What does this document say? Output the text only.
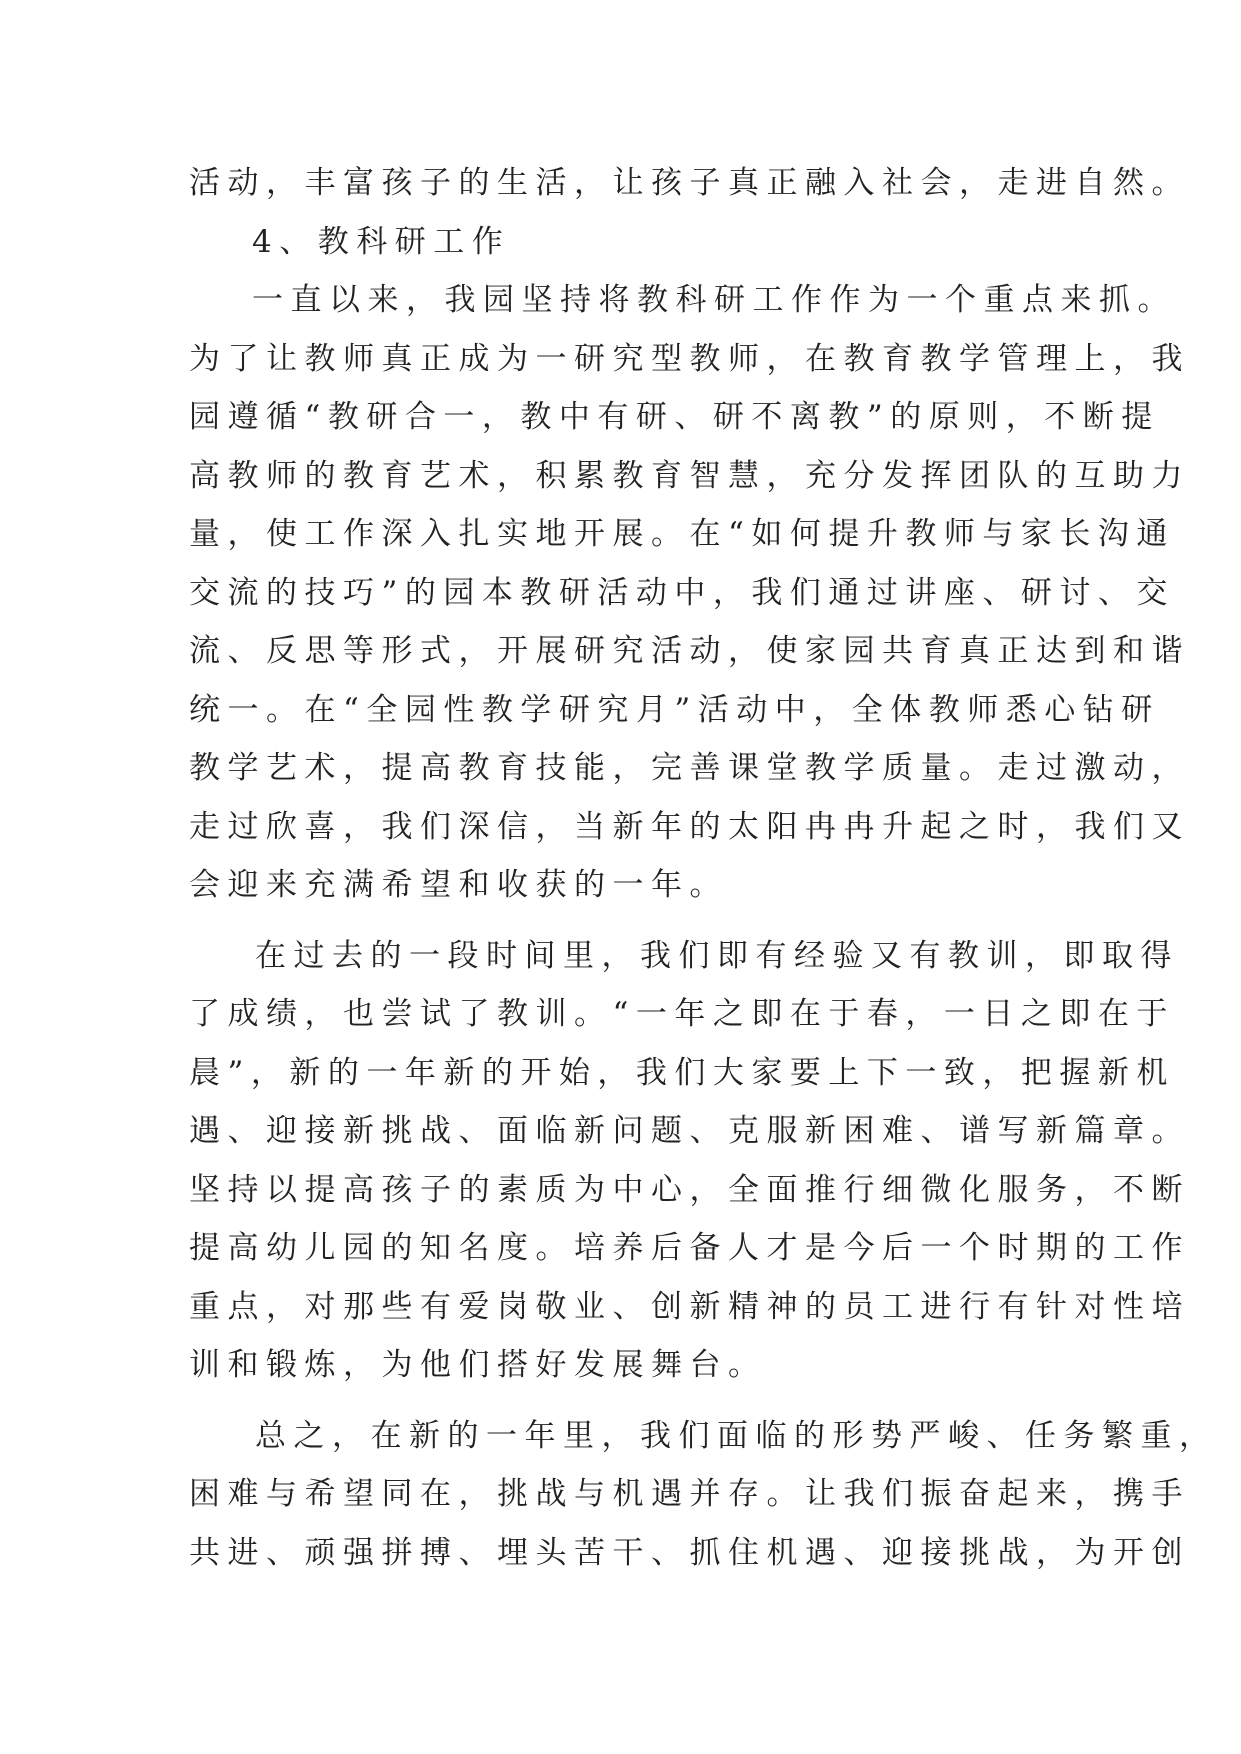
活动，丰富孩子的生活，让孩子真正融入社会，走进自然。
4、教科研工作
一直以来，我园坚持将教科研工作作为一个重点来抓。
为了让教师真正成为一研究型教师，在教育教学管理上，我
园遵循“教研合一，教中有研、研不离教”的原则，不断提
高教师的教育艺术，积累教育智慧，充分发挥团队的互助力
量，使工作深入扎实地开展。在“如何提升教师与家长沟通
交流的技巧”的园本教研活动中，我们通过讲座、研讨、交
流、反思等形式，开展研究活动，使家园共育真正达到和谐
统一。在“全园性教学研究月”活动中，全体教师悉心钻研
教学艺术，提高教育技能，完善课堂教学质量。走过激动，
走过欣喜，我们深信，当新年的太阳冉冉升起之时，我们又
会迎来充满希望和收获的一年。
在过去的一段时间里，我们即有经验又有教训，即取得
了成绩，也尝试了教训。“一年之即在于春，一日之即在于
晨”，新的一年新的开始，我们大家要上下一致，把握新机
遇、迎接新挑战、面临新问题、克服新困难、谱写新篇章。
坚持以提高孩子的素质为中心，全面推行细微化服务，不断
提高幼儿园的知名度。培养后备人才是今后一个时期的工作
重点，对那些有爱岗敬业、创新精神的员工进行有针对性培
训和锻炼，为他们搭好发展舞台。
总之，在新的一年里，我们面临的形势严峻、任务繁重，
困难与希望同在，挑战与机遇并存。让我们振奋起来，携手
共进、顽强拼搏、埋头苦干、抓住机遇、迎接挑战，为开创
